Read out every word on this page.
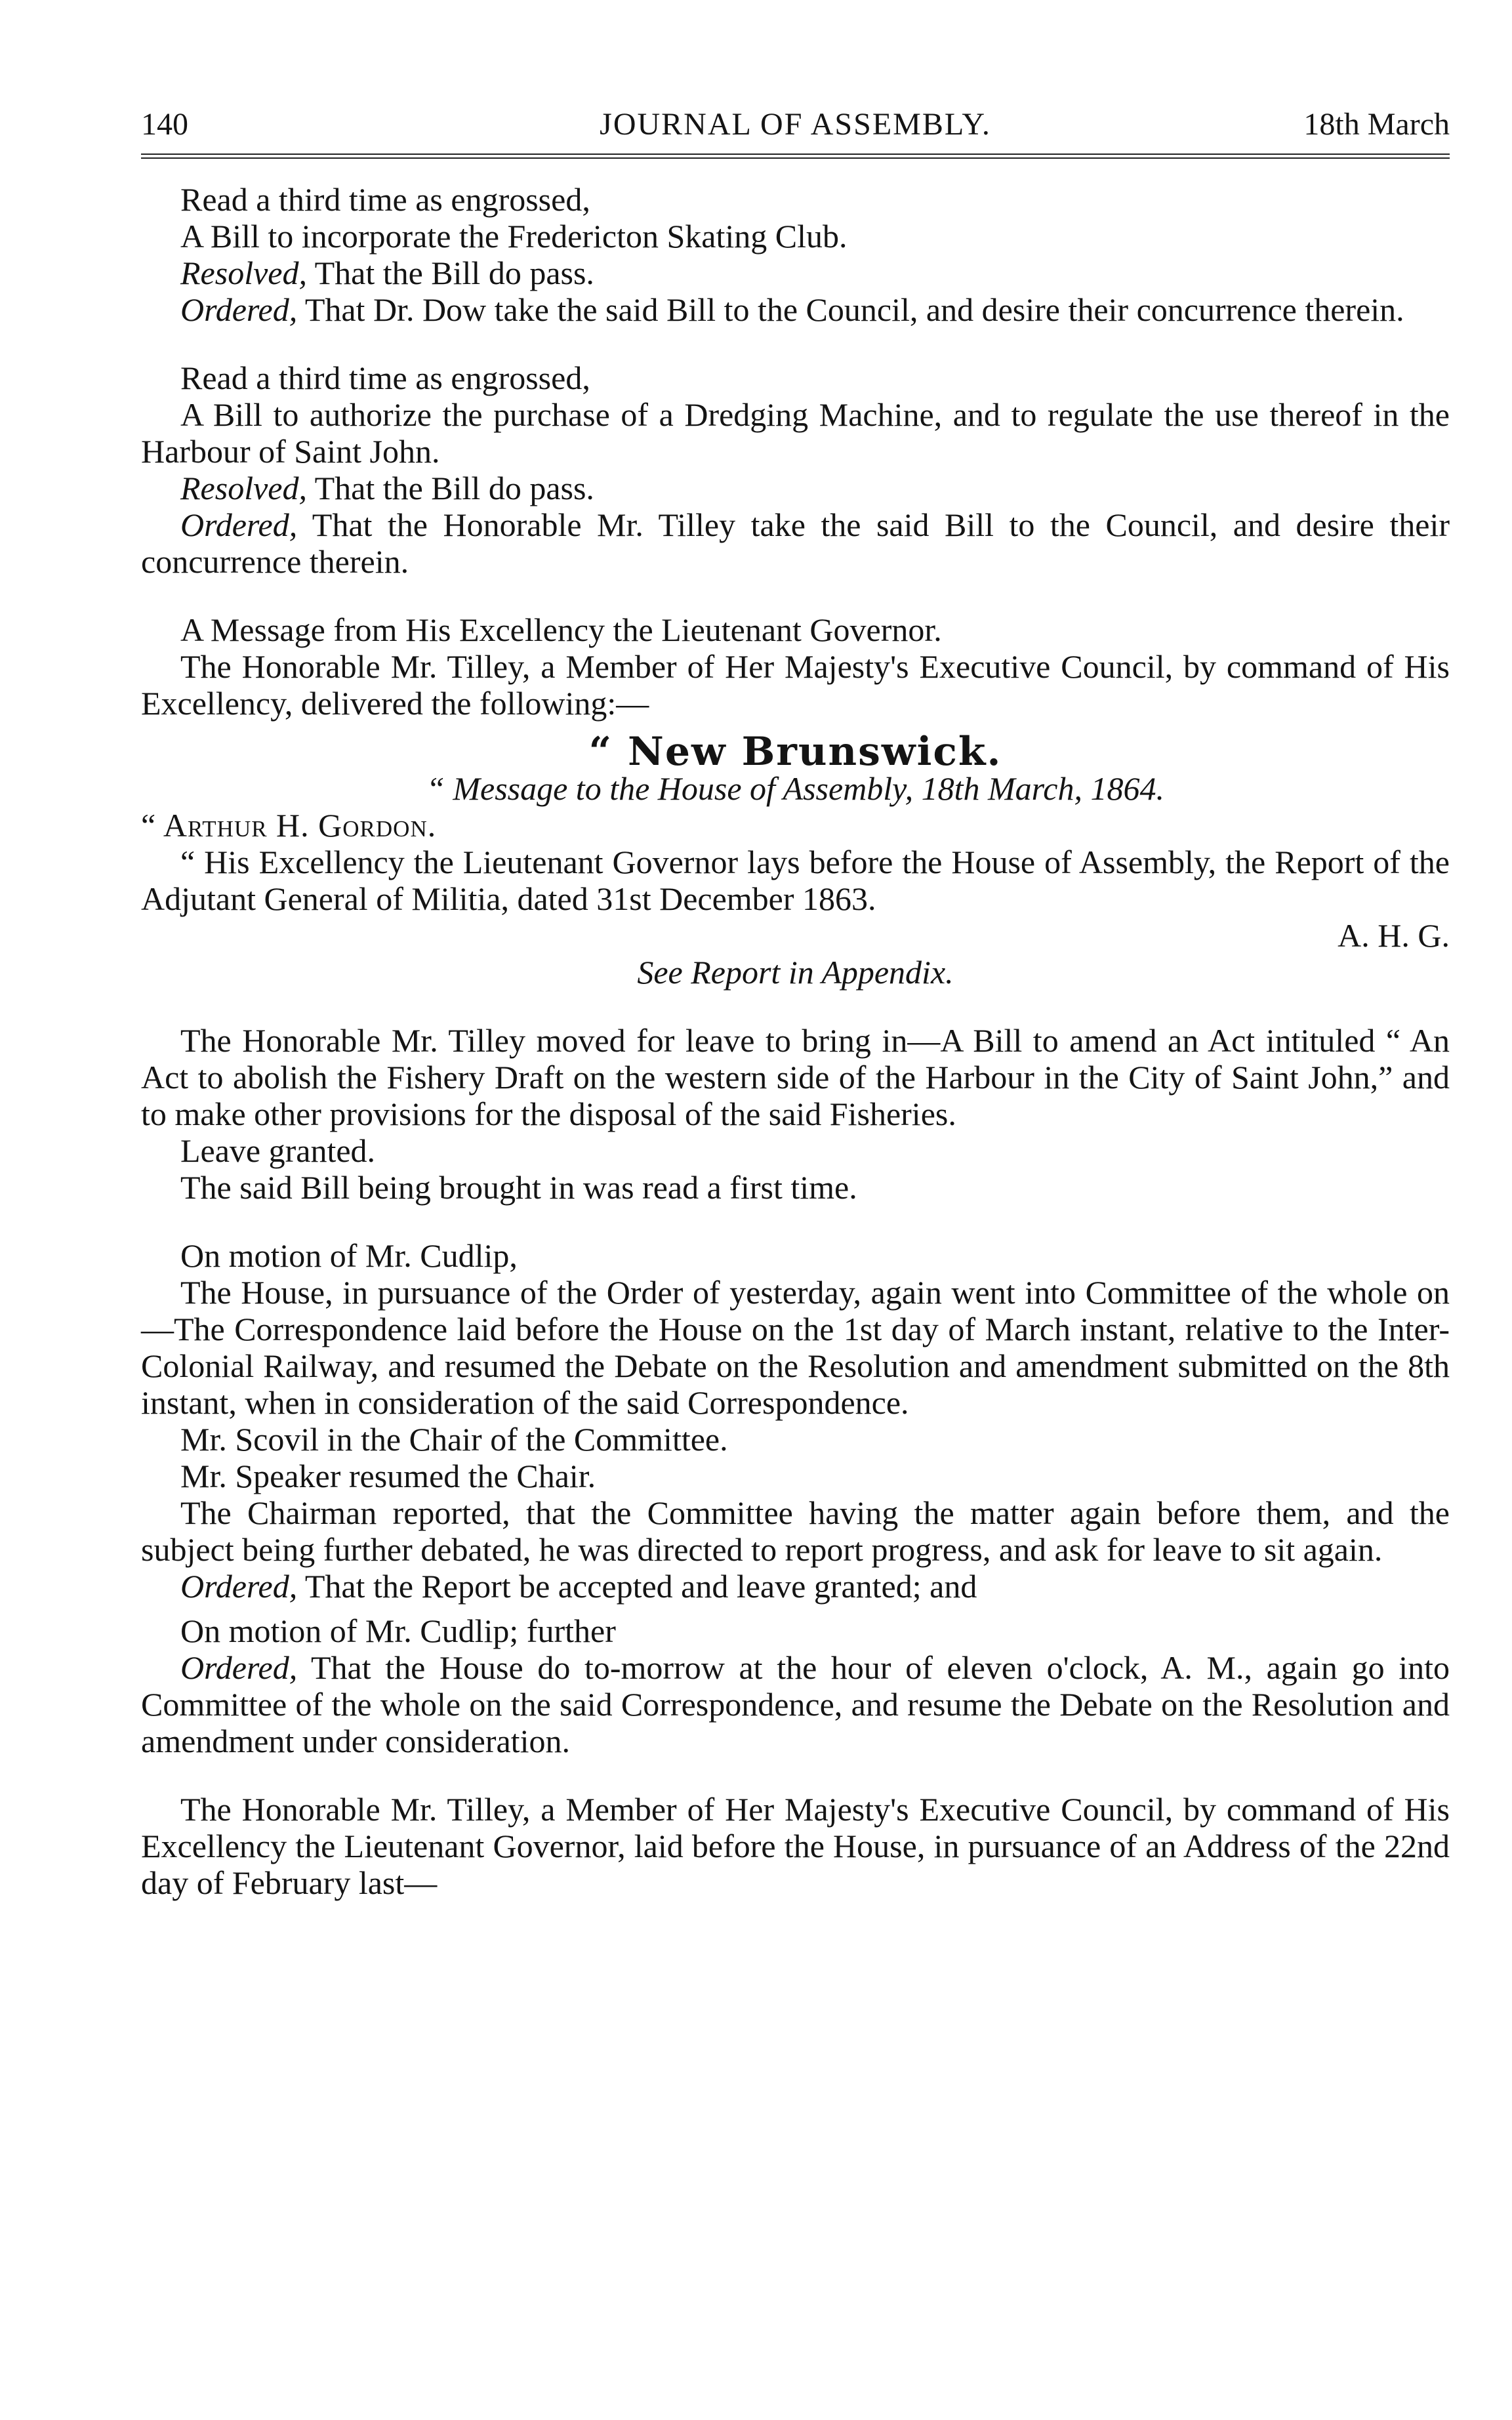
140	JOURNAL OF ASSEMBLY.	18th March
Read a third time as engrossed,
A Bill to incorporate the Fredericton Skating Club.
Resolved, That the Bill do pass.
Ordered, That Dr. Dow take the said Bill to the Council, and desire their concurrence therein.
Read a third time as engrossed,
A Bill to authorize the purchase of a Dredging Machine, and to regulate the use thereof in the Harbour of Saint John.
Resolved, That the Bill do pass.
Ordered, That the Honorable Mr. Tilley take the said Bill to the Council, and desire their concurrence therein.
A Message from His Excellency the Lieutenant Governor.
The Honorable Mr. Tilley, a Member of Her Majesty's Executive Council, by command of His Excellency, delivered the following:—
“ New Brunswick.
“ Message to the House of Assembly, 18th March, 1864.
“ Arthur H. Gordon.
“ His Excellency the Lieutenant Governor lays before the House of Assembly, the Report of the Adjutant General of Militia, dated 31st December 1863.
A. H. G.
See Report in Appendix.
The Honorable Mr. Tilley moved for leave to bring in—A Bill to amend an Act intituled “ An Act to abolish the Fishery Draft on the western side of the Harbour in the City of Saint John,” and to make other provisions for the disposal of the said Fisheries.
Leave granted.
The said Bill being brought in was read a first time.
On motion of Mr. Cudlip,
The House, in pursuance of the Order of yesterday, again went into Committee of the whole on—The Correspondence laid before the House on the 1st day of March instant, relative to the Inter-Colonial Railway, and resumed the Debate on the Resolution and amendment submitted on the 8th instant, when in consideration of the said Correspondence.
Mr. Scovil in the Chair of the Committee.
Mr. Speaker resumed the Chair.
The Chairman reported, that the Committee having the matter again before them, and the subject being further debated, he was directed to report progress, and ask for leave to sit again.
Ordered, That the Report be accepted and leave granted; and
On motion of Mr. Cudlip; further
Ordered, That the House do to-morrow at the hour of eleven o'clock, A. M., again go into Committee of the whole on the said Correspondence, and resume the Debate on the Resolution and amendment under consideration.
The Honorable Mr. Tilley, a Member of Her Majesty's Executive Council, by command of His Excellency the Lieutenant Governor, laid before the House, in pursuance of an Address of the 22nd day of February last—
